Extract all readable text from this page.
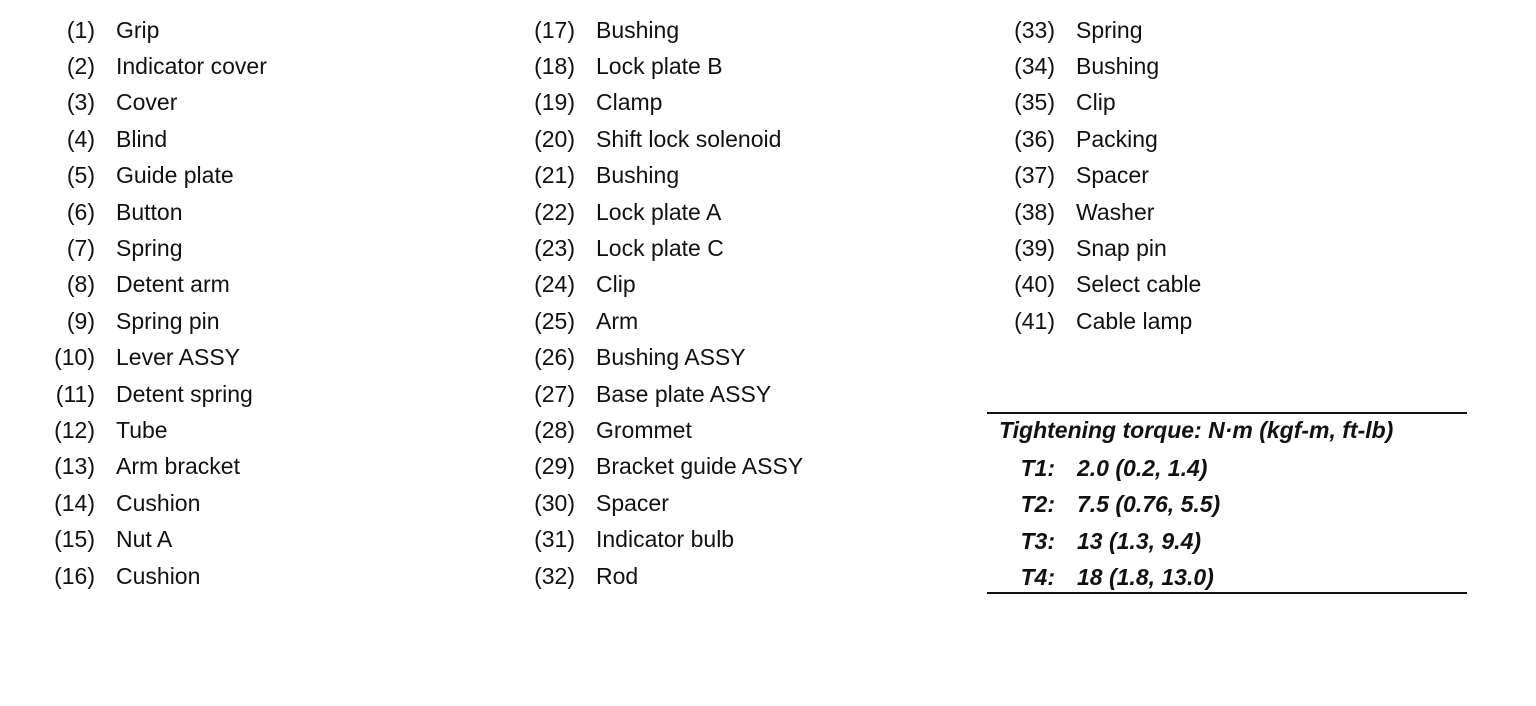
(1) Grip
(2) Indicator cover
(3) Cover
(4) Blind
(5) Guide plate
(6) Button
(7) Spring
(8) Detent arm
(9) Spring pin
(10) Lever ASSY
(11) Detent spring
(12) Tube
(13) Arm bracket
(14) Cushion
(15) Nut A
(16) Cushion
(17) Bushing
(18) Lock plate B
(19) Clamp
(20) Shift lock solenoid
(21) Bushing
(22) Lock plate A
(23) Lock plate C
(24) Clip
(25) Arm
(26) Bushing ASSY
(27) Base plate ASSY
(28) Grommet
(29) Bracket guide ASSY
(30) Spacer
(31) Indicator bulb
(32) Rod
(33) Spring
(34) Bushing
(35) Clip
(36) Packing
(37) Spacer
(38) Washer
(39) Snap pin
(40) Select cable
(41) Cable lamp
Tightening torque: N·m (kgf-m, ft-lb)
T1: 2.0 (0.2, 1.4)
T2: 7.5 (0.76, 5.5)
T3: 13 (1.3, 9.4)
T4: 18 (1.8, 13.0)
